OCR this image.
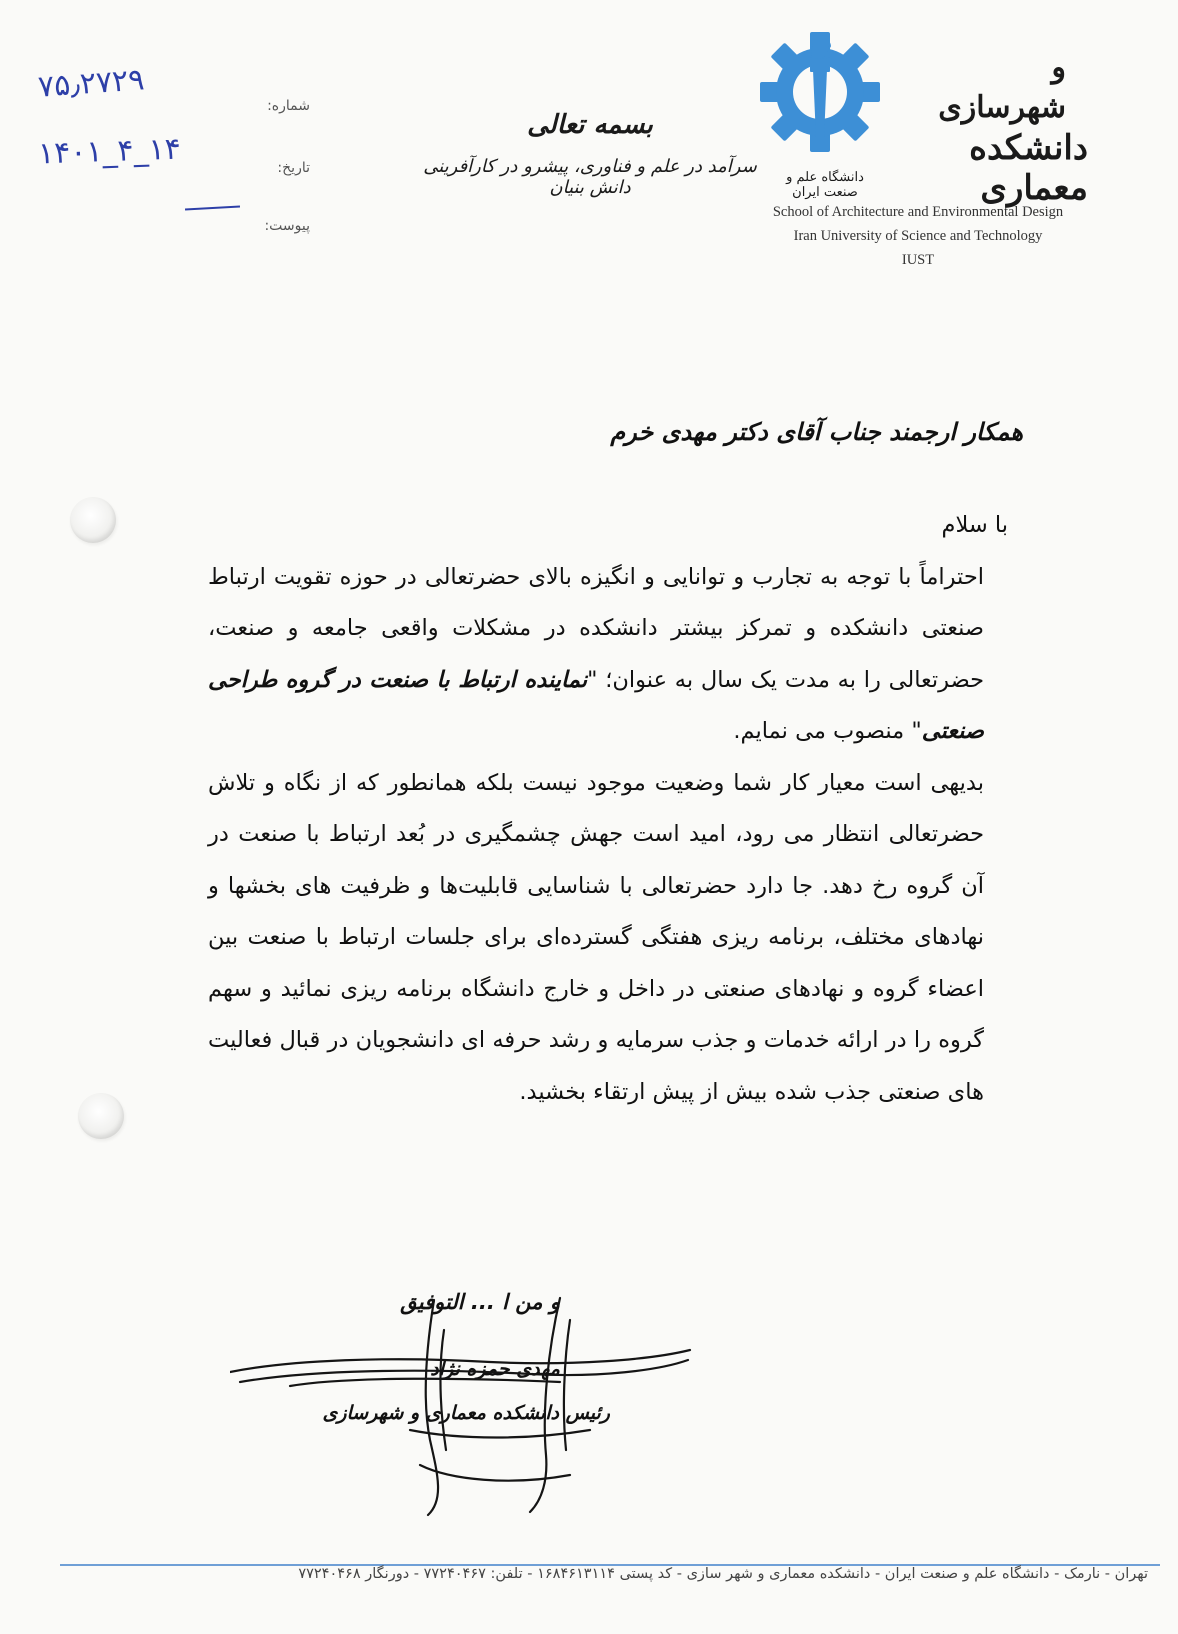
و شهرسازی
دانشکده معماری
دانشگاه علم و صنعت ایران
School of Architecture and Environmental Design
Iran University of Science and Technology
IUST
بسمه تعالی
سرآمد در علم و فناوری، پیشرو در کارآفرینی دانش بنیان
شماره:
تاریخ:
پیوست:
۷۵٫۲۷۲۹
۱۴۰۱_۴_۱۴
همکار ارجمند جناب آقای دکتر مهدی خرم

با سلام

احتراماً با توجه به تجارب و توانایی و انگیزه بالای حضرتعالی در حوزه تقویت ارتباط صنعتی دانشکده و تمرکز بیشتر دانشکده در مشکلات واقعی جامعه و صنعت، حضرتعالی را به مدت یک سال به عنوان؛ "نماینده ارتباط با صنعت در گروه طراحی صنعتی" منصوب می نمایم.

بدیهی است معیار کار شما وضعیت موجود نیست بلکه همانطور که از نگاه و تلاش حضرتعالی انتظار می رود، امید است جهش چشمگیری در بُعد ارتباط با صنعت در آن گروه رخ دهد. جا دارد حضرتعالی با شناسایی قابلیت‌ها و ظرفیت های بخشها و نهادهای مختلف، برنامه ریزی هفتگی گسترده‌ای برای جلسات ارتباط با صنعت بین اعضاء گروه و نهادهای صنعتی در داخل و خارج دانشگاه برنامه ریزی نمائید و سهم گروه را در ارائه خدمات و جذب سرمایه و رشد حرفه ای دانشجویان در قبال فعالیت های صنعتی جذب شده بیش از پیش ارتقاء بخشید.

و من ا ... التوفیق
مهدی حمزه نژاد
رئیس دانشکده معماری و شهرسازی
تهران - نارمک - دانشگاه علم و صنعت ایران - دانشکده معماری و شهر سازی - کد پستی ۱۶۸۴۶۱۳۱۱۴ - تلفن: ۷۷۲۴۰۴۶۷ - دورنگار ۷۷۲۴۰۴۶۸
